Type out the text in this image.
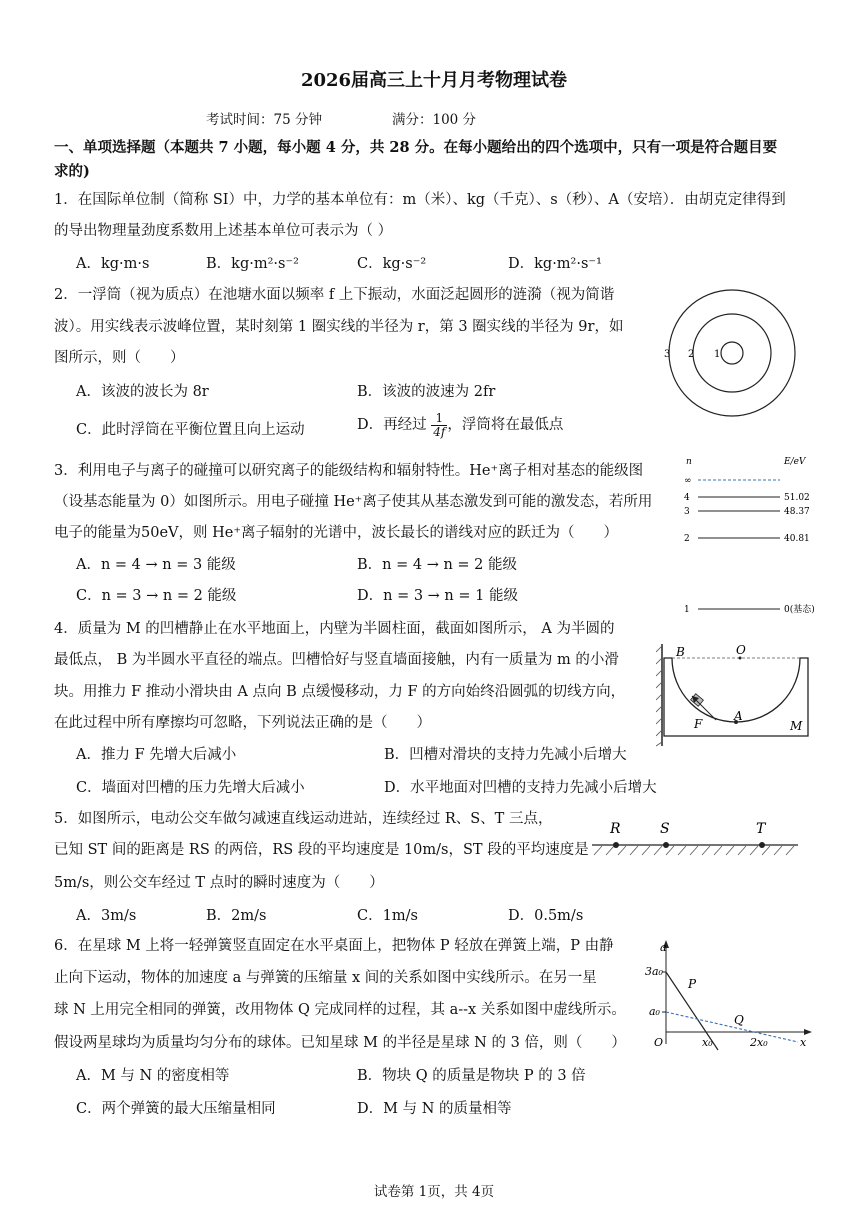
2026届高三上十月月考物理试卷
考试时间：75 分钟	满分：100 分
一、单项选择题（本题共 7 小题，每小题 4 分，共 28 分。在每小题给出的四个选项中，只有一项是符合题目要
求的)
1．在国际单位制（简称 SI）中，力学的基本单位有：m（米）、kg（千克）、s（秒）、A（安培）．由胡克定律得到
的导出物理量劲度系数用上述基本单位可表示为（ ）
A．kg·m·s	B．kg·m²·s⁻²	C．kg·s⁻²	D．kg·m²·s⁻¹
2．一浮筒（视为质点）在池塘水面以频率 f 上下振动，水面泛起圆形的涟漪（视为简谐
波）。用实线表示波峰位置，某时刻第 1 圈实线的半径为 r，第 3 圈实线的半径为 9r，如
图所示，则（　　）
A．该波的波长为 8r	B．该波的波速为 2fr
C．此时浮筒在平衡位置且向上运动	D．再经过 $\frac{1}{4f}$ ，浮筒将在最低点
3 2 1
3．利用电子与离子的碰撞可以研究离子的能级结构和辐射特性。He⁺离子相对基态的能级图
（设基态能量为 0）如图所示。用电子碰撞 He⁺离子使其从基态激发到可能的激发态，若所用
电子的能量为50eV，则 He⁺离子辐射的光谱中，波长最长的谱线对应的跃迁为（　　）
A．n = 4 → n = 3 能级	B．n = 4 → n = 2 能级
C．n = 3 → n = 2 能级	D．n = 3 → n = 1 能级
n	E/eV
∞
4	51.02
3	48.37
2	40.81
1	0(基态)
4．质量为 M 的凹槽静止在水平地面上，内壁为半圆柱面，截面如图所示， A 为半圆的
最低点， B 为半圆水平直径的端点。凹槽恰好与竖直墙面接触，内有一质量为 m 的小滑
块。用推力 F 推动小滑块由 A 点向 B 点缓慢移动，力 F 的方向始终沿圆弧的切线方向，
在此过程中所有摩擦均可忽略，下列说法正确的是（　　）
A．推力 F 先增大后减小	B．凹槽对滑块的支持力先减小后增大
C．墙面对凹槽的压力先增大后减小	D．水平地面对凹槽的支持力先减小后增大
B	O
A
F	M
5．如图所示，电动公交车做匀减速直线运动进站，连续经过 R、S、T 三点，
已知 ST 间的距离是 RS 的两倍，RS 段的平均速度是 10m/s，ST 段的平均速度是
5m/s，则公交车经过 T 点时的瞬时速度为（　　）
A．3m/s	B．2m/s	C．1m/s	D．0.5m/s
R	S	T
6．在星球 M 上将一轻弹簧竖直固定在水平桌面上，把物体 P 轻放在弹簧上端，P 由静
止向下运动，物体的加速度 a 与弹簧的压缩量 x 间的关系如图中实线所示。在另一星
球 N 上用完全相同的弹簧，改用物体 Q 完成同样的过程，其 a--x 关系如图中虚线所示。
假设两星球均为质量均匀分布的球体。已知星球 M 的半径是星球 N 的 3 倍，则（　　）
A．M 与 N 的密度相等	B．物块 Q 的质量是物块 P 的 3 倍
C．两个弹簧的最大压缩量相同	D．M 与 N 的质量相等
a
3a₀
a₀
O	x₀	2x₀	x
P
Q
试卷第 1页，共 4页
